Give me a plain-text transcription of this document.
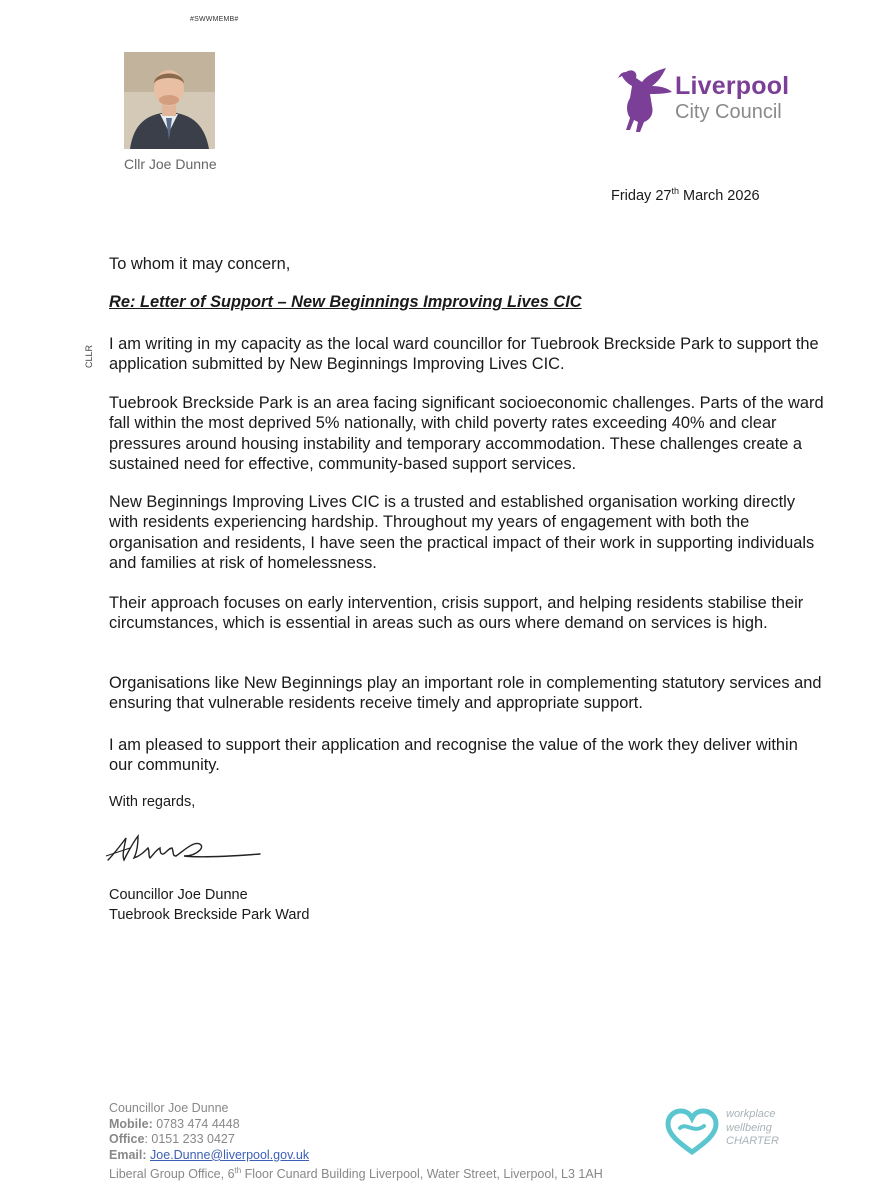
#SWWMEMB#
Cllr Joe Dunne
Liverpool
City Council
Friday 27th March 2026
CLLR

To whom it may concern,

Re: Letter of Support – New Beginnings Improving Lives CIC

I am writing in my capacity as the local ward councillor for Tuebrook Breckside Park to support the application submitted by New Beginnings Improving Lives CIC.

Tuebrook Breckside Park is an area facing significant socioeconomic challenges. Parts of the ward fall within the most deprived 5% nationally, with child poverty rates exceeding 40% and clear pressures around housing instability and temporary accommodation. These challenges create a sustained need for effective, community-based support services.

New Beginnings Improving Lives CIC is a trusted and established organisation working directly with residents experiencing hardship. Throughout my years of engagement with both the organisation and residents, I have seen the practical impact of their work in supporting individuals and families at risk of homelessness.

Their approach focuses on early intervention, crisis support, and helping residents stabilise their circumstances, which is essential in areas such as ours where demand on services is high.

Organisations like New Beginnings play an important role in complementing statutory services and ensuring that vulnerable residents receive timely and appropriate support.

I am pleased to support their application and recognise the value of the work they deliver within our community.

With regards,
Councillor Joe Dunne
Tuebrook Breckside Park Ward
Councillor Joe Dunne
Mobile: 0783 474 4448
Office: 0151 233 0427
Email: Joe.Dunne@liverpool.gov.uk
Liberal Group Office, 6th Floor Cunard Building Liverpool, Water Street, Liverpool, L3 1AH
workplace
wellbeing
CHARTER
